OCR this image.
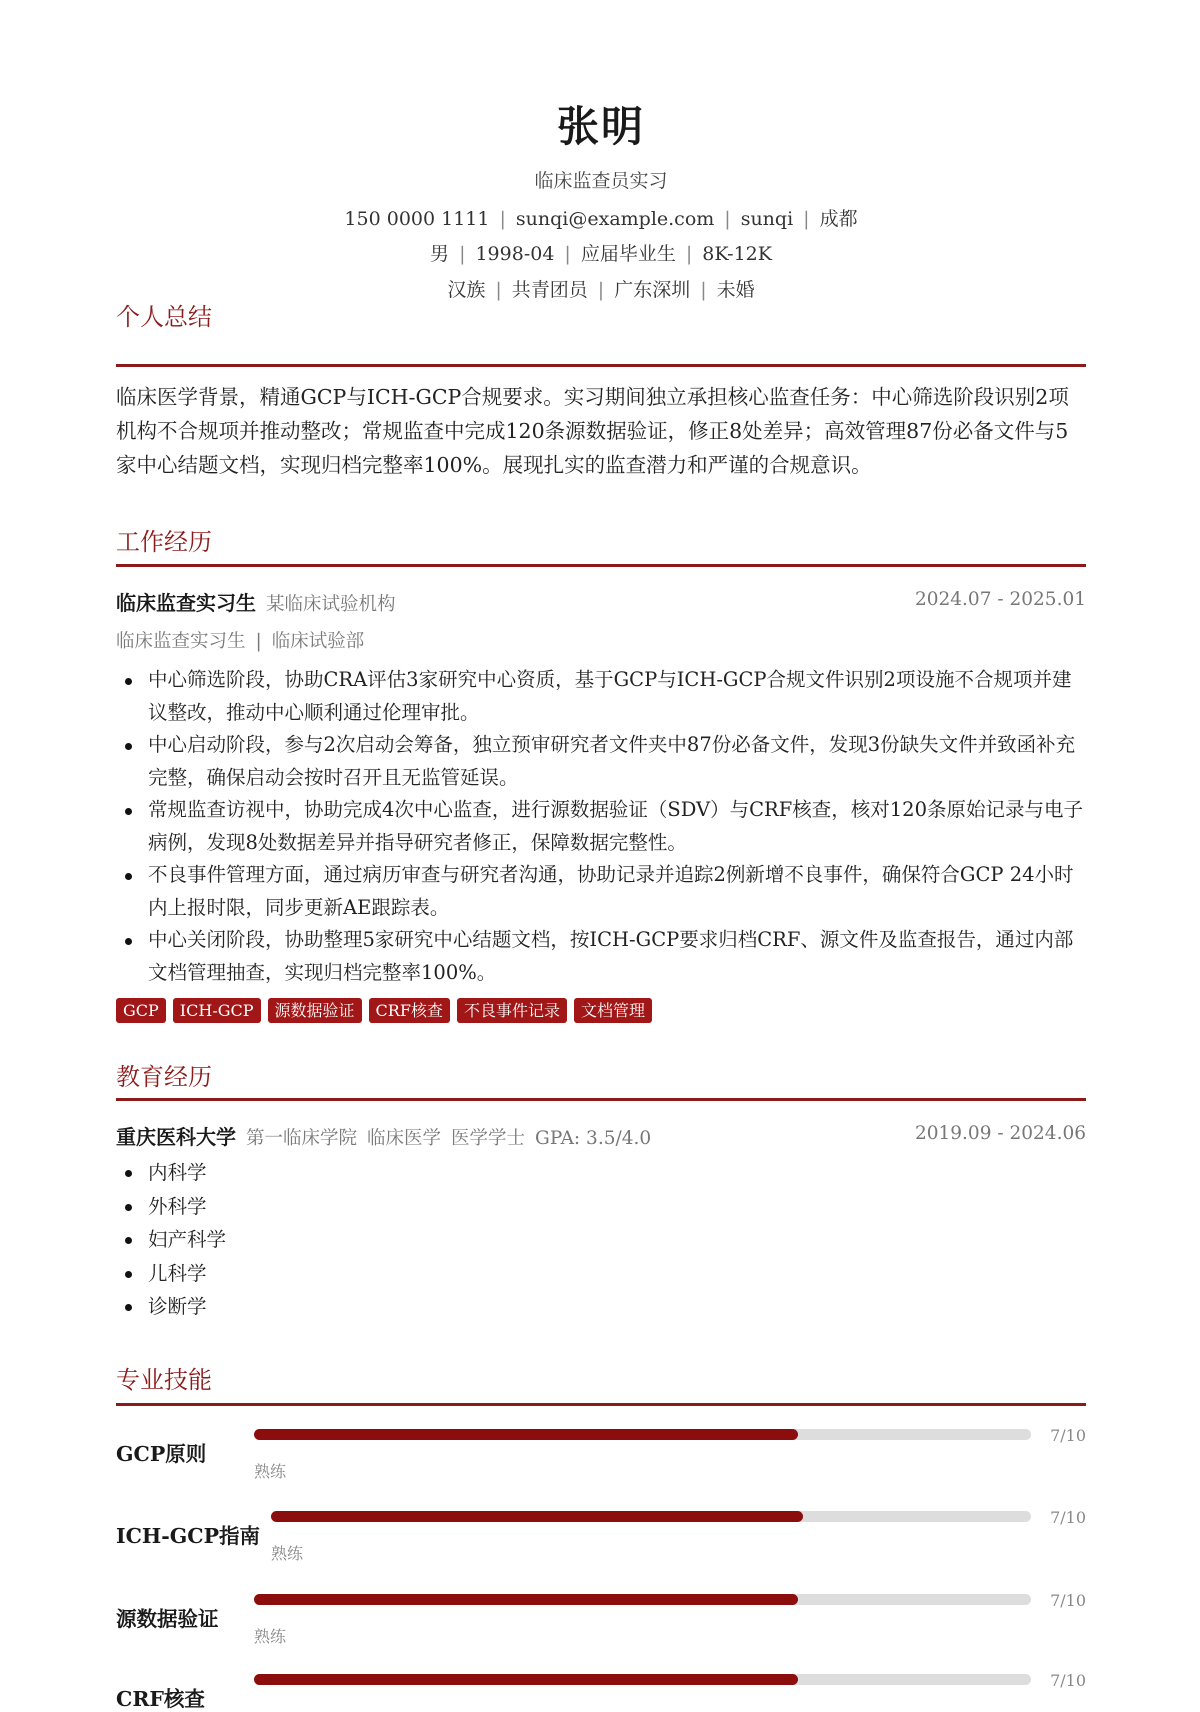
张明
临床监查员实习
150 0000 1111 | sunqi@example.com | sunqi | 成都
男 | 1998-04 | 应届毕业生 | 8K-12K
汉族 | 共青团员 | 广东深圳 | 未婚
个人总结
临床医学背景，精通GCP与ICH-GCP合规要求。实习期间独立承担核心监查任务：中心筛选阶段识别2项机构不合规项并推动整改；常规监查中完成120条源数据验证，修正8处差异；高效管理87份必备文件与5家中心结题文档，实现归档完整率100%。展现扎实的监查潜力和严谨的合规意识。
工作经历
临床监查实习生 某临床试验机构	2024.07 - 2025.01
临床监查实习生 | 临床试验部
中心筛选阶段，协助CRA评估3家研究中心资质，基于GCP与ICH-GCP合规文件识别2项设施不合规项并建议整改，推动中心顺利通过伦理审批。
中心启动阶段，参与2次启动会筹备，独立预审研究者文件夹中87份必备文件，发现3份缺失文件并致函补充完整，确保启动会按时召开且无监管延误。
常规监查访视中，协助完成4次中心监查，进行源数据验证（SDV）与CRF核查，核对120条原始记录与电子病例，发现8处数据差异并指导研究者修正，保障数据完整性。
不良事件管理方面，通过病历审查与研究者沟通，协助记录并追踪2例新增不良事件，确保符合GCP 24小时内上报时限，同步更新AE跟踪表。
中心关闭阶段，协助整理5家研究中心结题文档，按ICH-GCP要求归档CRF、源文件及监查报告，通过内部文档管理抽查，实现归档完整率100%。
GCP	ICH-GCP	源数据验证	CRF核查	不良事件记录	文档管理
教育经历
重庆医科大学 第一临床学院 临床医学 医学学士 GPA: 3.5/4.0	2019.09 - 2024.06
内科学
外科学
妇产科学
儿科学
诊断学
专业技能
GCP原则
熟练
7/10
ICH-GCP指南
熟练
7/10
源数据验证
熟练
7/10
CRF核查
7/10
